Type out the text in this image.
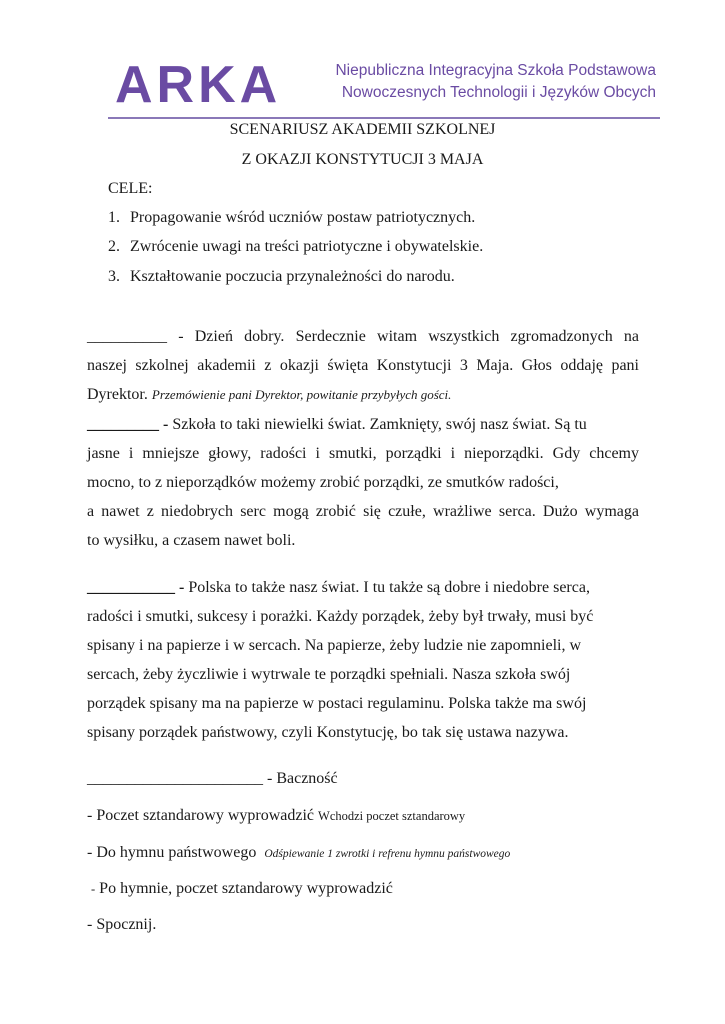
ARKA	Niepubliczna Integracyjna Szkoła Podstawowa
Nowoczesnych Technologii i Języków Obcych
SCENARIUSZ AKADEMII SZKOLNEJ
Z OKAZJI KONSTYTUCJI 3 MAJA
CELE:
1. Propagowanie wśród uczniów postaw patriotycznych.
2. Zwrócenie uwagi na treści patriotyczne i obywatelskie.
3. Kształtowanie poczucia przynależności do narodu.
__________ - Dzień dobry. Serdecznie witam wszystkich zgromadzonych na
naszej szkolnej akademii z okazji święta Konstytucji 3 Maja. Głos oddaję pani
Dyrektor. Przemówienie pani Dyrektor, powitanie przybyłych gości.
_________ - Szkoła to taki niewielki świat. Zamknięty, swój nasz świat. Są tu
jasne i mniejsze głowy, radości i smutki, porządki i nieporządki. Gdy chcemy
mocno, to z nieporządków możemy zrobić porządki, ze smutków radości,
a nawet z niedobrych serc mogą zrobić się czułe, wrażliwe serca. Dużo wymaga
to wysiłku, a czasem nawet boli.
___________ - Polska to także nasz świat. I tu także są dobre i niedobre serca,
radości i smutki, sukcesy i porażki. Każdy porządek, żeby był trwały, musi być
spisany i na papierze i w sercach. Na papierze, żeby ludzie nie zapomnieli, w
sercach, żeby życzliwie i wytrwale te porządki spełniali. Nasza szkoła swój
porządek spisany ma na papierze w postaci regulaminu. Polska także ma swój
spisany porządek państwowy, czyli Konstytucję, bo tak się ustawa nazywa.
______________________ - Baczność
- Poczet sztandarowy wyprowadzić Wchodzi poczet sztandarowy
- Do hymnu państwowego Odśpiewanie 1 zwrotki i refrenu hymnu państwowego
- Po hymnie, poczet sztandarowy wyprowadzić
- Spocznij.
